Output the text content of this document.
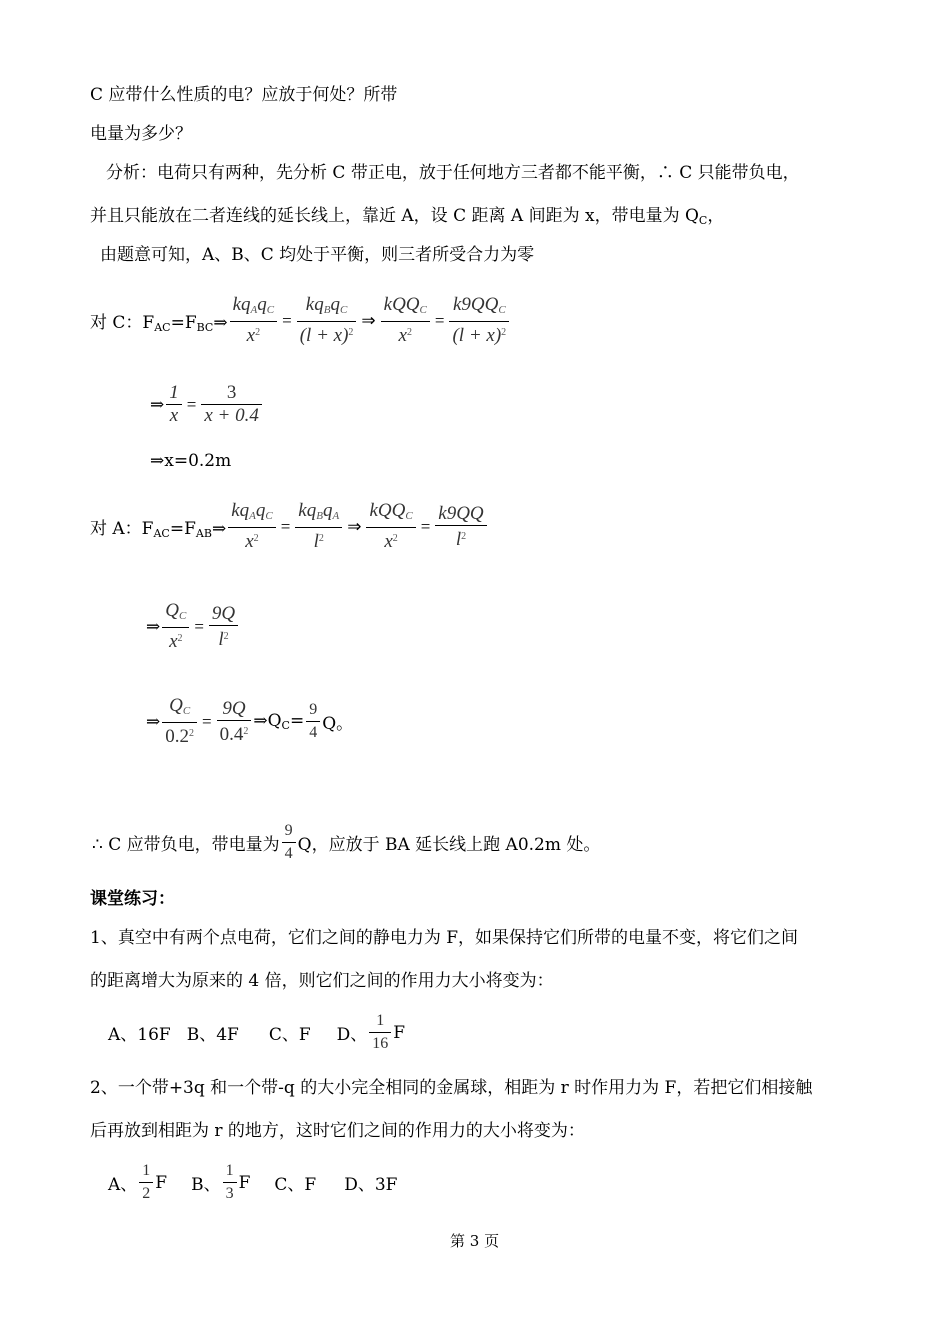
C 应带什么性质的电？应放于何处？所带
电量为多少？
分析：电荷只有两种，先分析 C 带正电，放于任何地方三者都不能平衡，∴ C 只能带负电，
并且只能放在二者连线的延长线上，靠近 A，设 C 距离 A 间距为 x，带电量为 $Q_C$，
由题意可知，A、B、C 均处于平衡，则三者所受合力为零
对 C：$F_{AC}=F_{BC}\Rightarrow \frac{kq_Aq_C}{x^2} = \frac{kq_Bq_C}{(l + x)^2}$ ⇒ $\frac{kQQ_C}{x^2} = \frac{k9QQ_C}{(l + x)^2}$
⇒ $\frac{1}{x} = \frac{3}{x + 0.4}$
⇒x=0.2m
对 A：$F_{AC}=F_{AB}\Rightarrow \frac{kq_Aq_C}{x^2} = \frac{kq_Bq_A}{l^2}$ ⇒ $\frac{kQQ_C}{x^2} = \frac{k9QQ}{l^2}$
⇒ $\frac{Q_C}{x^2} = \frac{9Q}{l^2}$
⇒ $\frac{Q_C}{0.2^2} = \frac{9Q}{0.4^2}$ $\Rightarrow Q_C= \frac{9}{4}$ Q。
∴ C 应带负电，带电量为 $\frac{9}{4}$ Q，应放于 BA 延长线上跑 A0.2m 处。
课堂练习：
1、真空中有两个点电荷，它们之间的静电力为 F，如果保持它们所带的电量不变，将它们之间
的距离增大为原来的 4 倍，则它们之间的作用力大小将变为：
A、16F B、4F C、F D、 $\frac{1}{16}$ F
2、一个带+3q 和一个带-q 的大小完全相同的金属球，相距为 r 时作用力为 F，若把它们相接触
后再放到相距为 r 的地方，这时它们之间的作用力的大小将变为：
A、 $\frac{1}{2}$ F B、 $\frac{1}{3}$ F C、F D、3F
第 3 页
